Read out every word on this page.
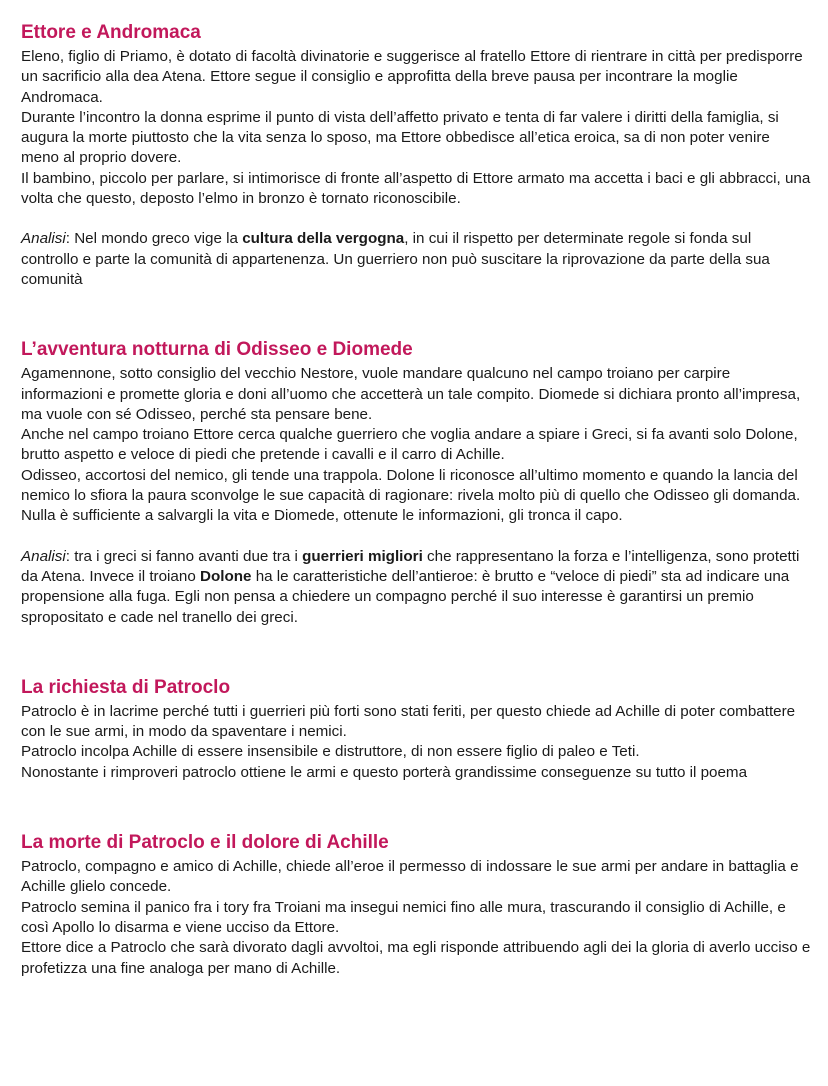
Ettore e Andromaca

Eleno, figlio di Priamo, è dotato di facoltà divinatorie e suggerisce al fratello Ettore di rientrare in città per predisporre un sacrificio alla dea Atena. Ettore segue il consiglio e approfitta della breve pausa per incontrare la moglie Andromaca.

Durante l’incontro la donna esprime il punto di vista dell’affetto privato e tenta di far valere i diritti della famiglia, si augura la morte piuttosto che la vita senza lo sposo, ma Ettore obbedisce all’etica eroica, sa di non poter venire meno al proprio dovere.

Il bambino, piccolo per parlare, si intimorisce di fronte all’aspetto di Ettore armato ma accetta i baci e gli abbracci, una volta che questo, deposto l’elmo in bronzo è tornato riconoscibile.

Analisi: Nel mondo greco vige la cultura della vergogna, in cui il rispetto per determinate regole si fonda sul controllo e parte la comunità di appartenenza. Un guerriero non può suscitare la riprovazione da parte della sua comunità

L’avventura notturna di Odisseo e Diomede

Agamennone, sotto consiglio del vecchio Nestore, vuole mandare qualcuno nel campo troiano per carpire informazioni e promette gloria e doni all’uomo che accetterà un tale compito. Diomede si dichiara pronto all’impresa, ma vuole con sé Odisseo, perché sta pensare bene.

Anche nel campo troiano Ettore cerca qualche guerriero che voglia andare a spiare i Greci, si fa avanti solo Dolone, brutto aspetto e veloce di piedi che pretende i cavalli e il carro di Achille.

Odisseo, accortosi del nemico, gli tende una trappola. Dolone li riconosce all’ultimo momento e quando la lancia del nemico lo sfiora la paura sconvolge le sue capacità di ragionare: rivela molto più di quello che Odisseo gli domanda. Nulla è sufficiente a salvargli la vita e Diomede, ottenute le informazioni, gli tronca il capo.

Analisi: tra i greci si fanno avanti due tra i guerrieri migliori che rappresentano la forza e l’intelligenza, sono protetti da Atena. Invece il troiano Dolone ha le caratteristiche dell’antieroe: è brutto e “veloce di piedi” sta ad indicare una propensione alla fuga. Egli non pensa a chiedere un compagno perché il suo interesse è garantirsi un premio spropositato e cade nel tranello dei greci.

La richiesta di Patroclo

Patroclo è in lacrime perché tutti i guerrieri più forti sono stati feriti, per questo chiede ad Achille di poter combattere con le sue armi, in modo da spaventare i nemici.

Patroclo incolpa Achille di essere insensibile e distruttore, di non essere figlio di paleo e Teti.

Nonostante i rimproveri patroclo ottiene le armi e questo porterà grandissime conseguenze su tutto il poema

La morte di Patroclo e il dolore di Achille

Patroclo, compagno e amico di Achille, chiede all’eroe il permesso di indossare le sue armi per andare in battaglia e Achille glielo concede.

Patroclo semina il panico fra i tory fra Troiani ma insegui nemici fino alle mura, trascurando il consiglio di Achille, e così Apollo lo disarma e viene ucciso da Ettore.

Ettore dice a Patroclo che sarà divorato dagli avvoltoi, ma egli risponde attribuendo agli dei la gloria di averlo ucciso e profetizza una fine analoga per mano di Achille.
